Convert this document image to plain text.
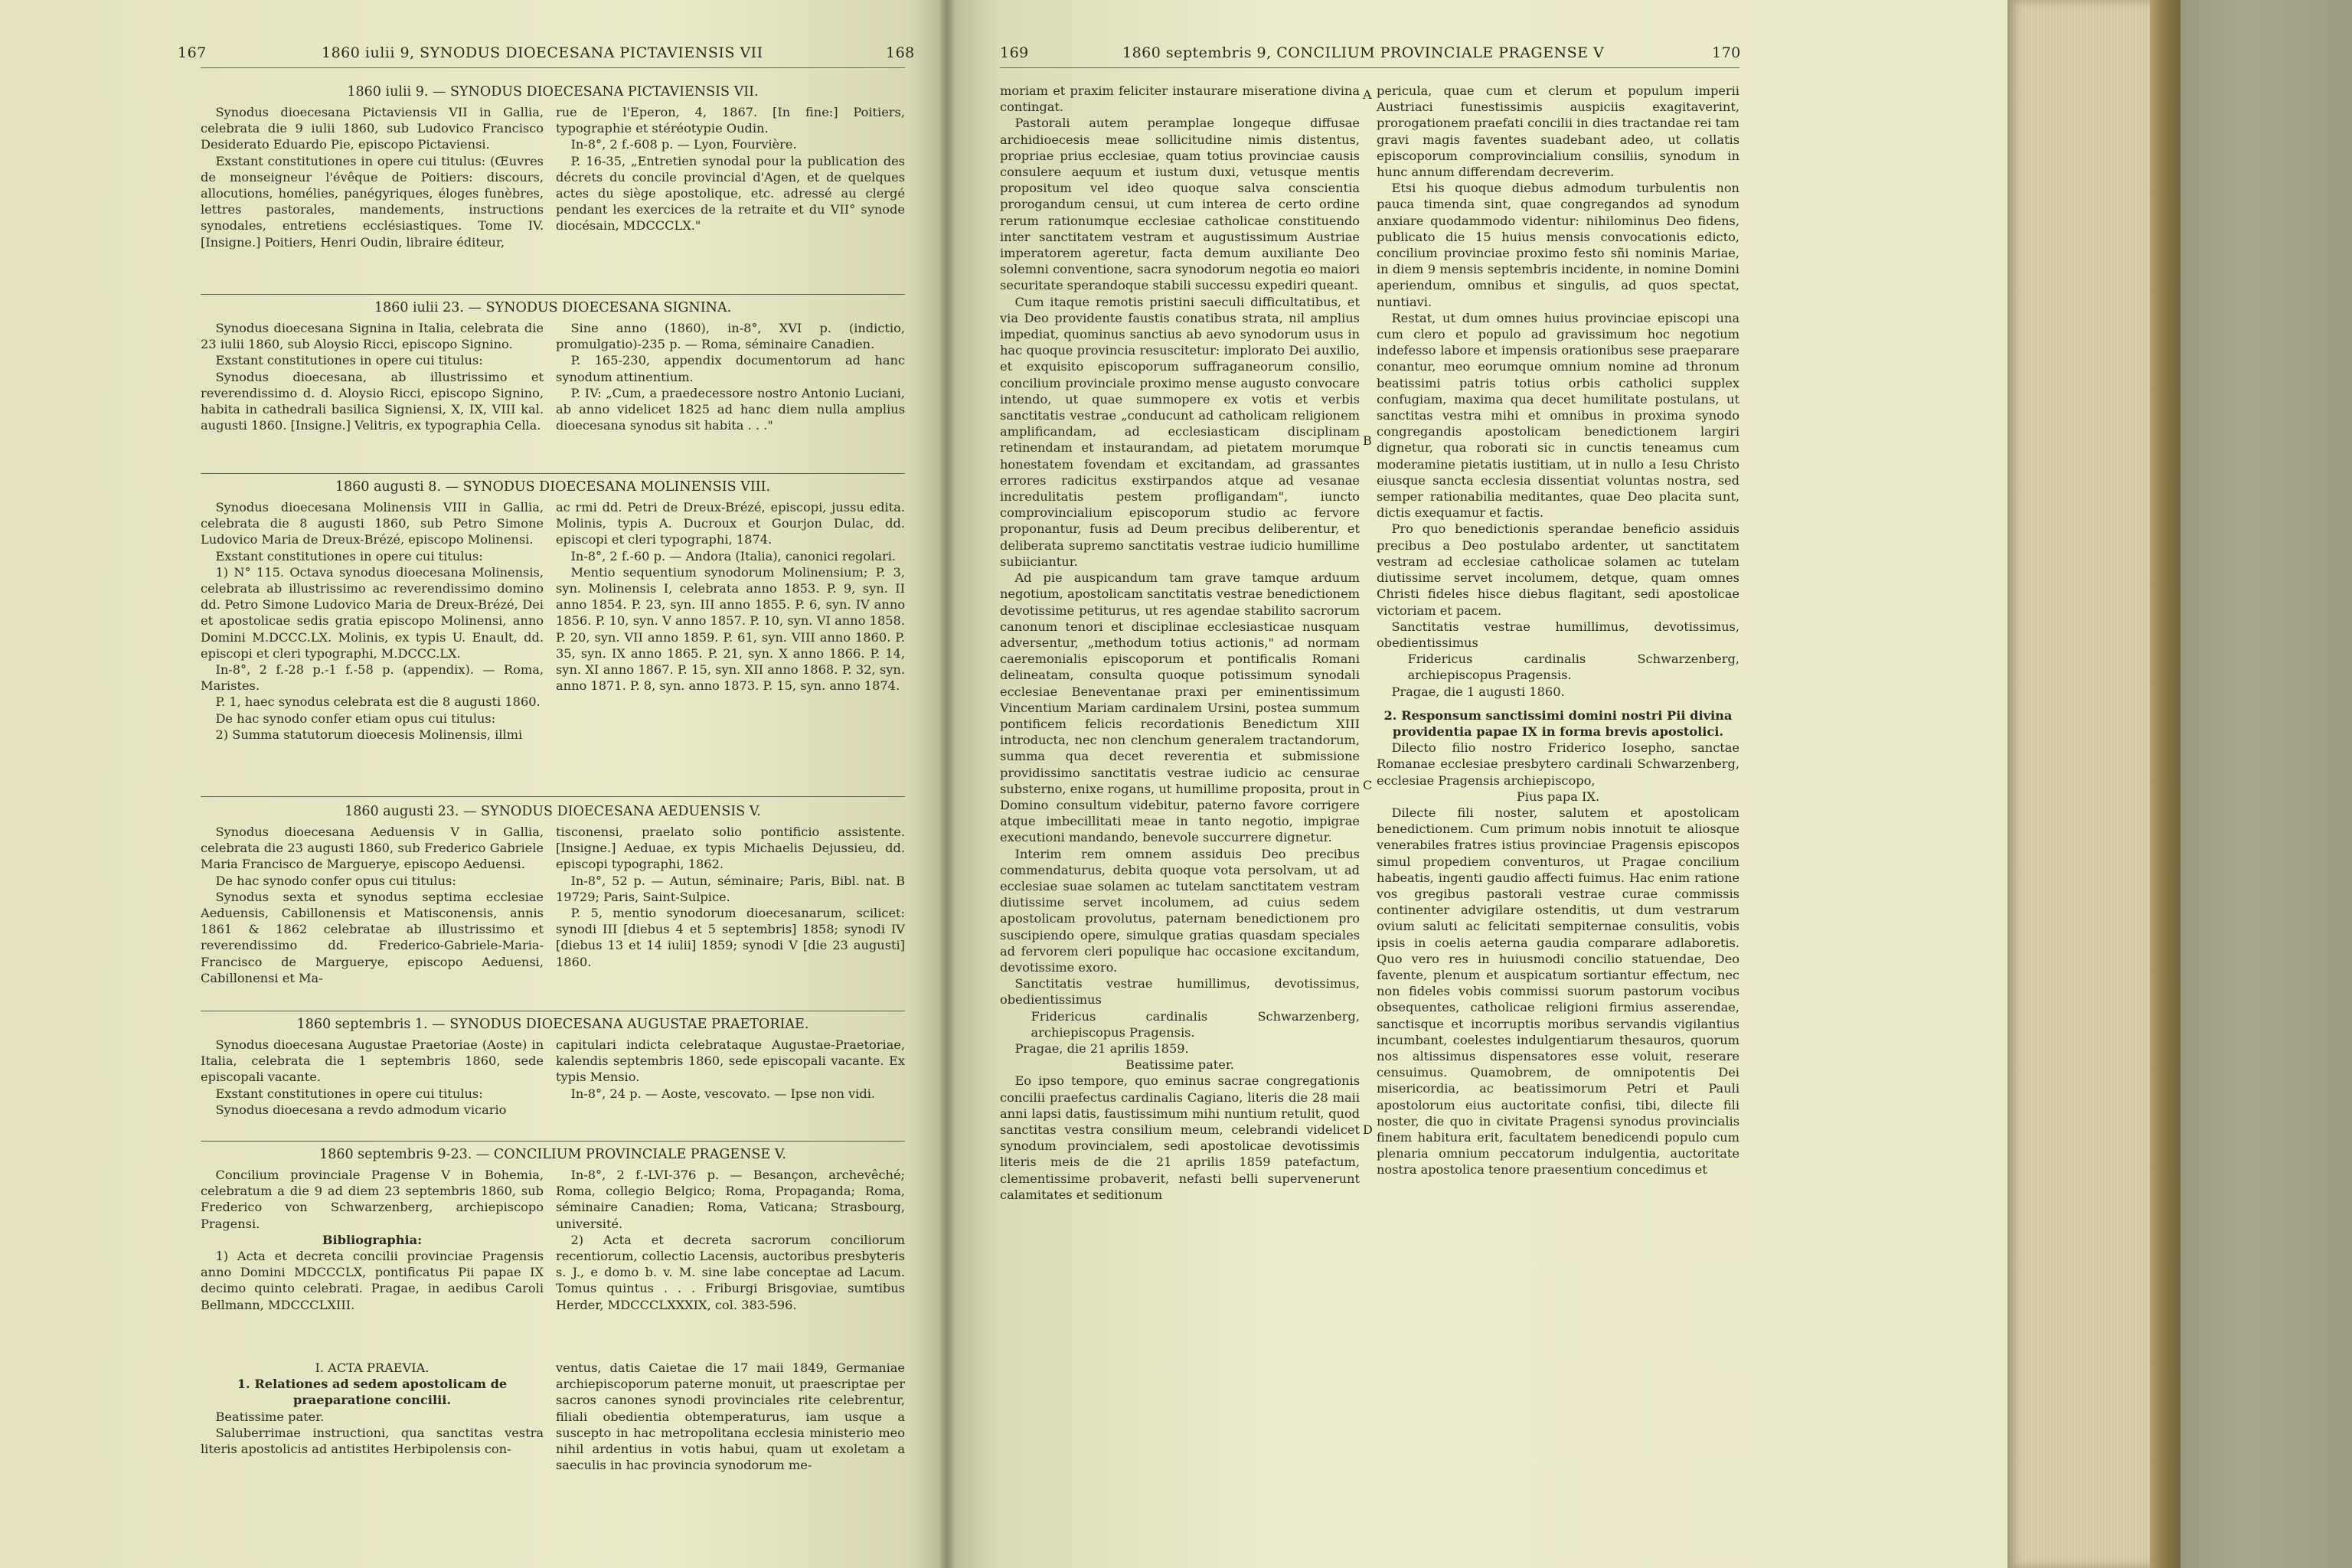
167	1860 iulii 9, SYNODUS DIOECESANA PICTAVIENSIS VII	168
1860 iulii 9. — SYNODUS DIOECESANA PICTAVIENSIS VII.

Synodus dioecesana Pictaviensis VII in Gallia, celebrata die 9 iulii 1860, sub Ludovico Francisco Desiderato Eduardo Pie, episcopo Pictaviensi.

Exstant constitutiones in opere cui titulus: (Œuvres de monseigneur l'évêque de Poitiers: discours, allocutions, homélies, panégyriques, éloges funèbres, lettres pastorales, mandements, instructions synodales, entretiens ecclésiastiques. Tome IV. [Insigne.] Poitiers, Henri Oudin, libraire éditeur,

rue de l'Eperon, 4, 1867. [In fine:] Poitiers, typographie et stéréotypie Oudin.

In-8°, 2 f.-608 p. — Lyon, Fourvière.

P. 16-35, „Entretien synodal pour la publication des décrets du concile provincial d'Agen, et de quelques actes du siège apostolique, etc. adressé au clergé pendant les exercices de la retraite et du VII° synode diocésain, MDCCCLX."

1860 iulii 23. — SYNODUS DIOECESANA SIGNINA.

Synodus dioecesana Signina in Italia, celebrata die 23 iulii 1860, sub Aloysio Ricci, episcopo Signino.

Exstant constitutiones in opere cui titulus:

Synodus dioecesana, ab illustrissimo et reverendissimo d. d. Aloysio Ricci, episcopo Signino, habita in cathedrali basilica Signiensi, X, IX, VIII kal. augusti 1860. [Insigne.] Velitris, ex typographia Cella.

Sine anno (1860), in-8°, XVI p. (indictio, promulgatio)-235 p. — Roma, séminaire Canadien.

P. 165-230, appendix documentorum ad hanc synodum attinentium.

P. IV: „Cum, a praedecessore nostro Antonio Luciani, ab anno videlicet 1825 ad hanc diem nulla amplius dioecesana synodus sit habita . . ."

1860 augusti 8. — SYNODUS DIOECESANA MOLINENSIS VIII.

Synodus dioecesana Molinensis VIII in Gallia, celebrata die 8 augusti 1860, sub Petro Simone Ludovico Maria de Dreux-Brézé, episcopo Molinensi.

Exstant constitutiones in opere cui titulus:

1) N° 115. Octava synodus dioecesana Molinensis, celebrata ab illustrissimo ac reverendissimo domino dd. Petro Simone Ludovico Maria de Dreux-Brézé, Dei et apostolicae sedis gratia episcopo Molinensi, anno Domini M.DCCC.LX. Molinis, ex typis U. Enault, dd. episcopi et cleri typographi, M.DCCC.LX.

In-8°, 2 f.-28 p.-1 f.-58 p. (appendix). — Roma, Maristes.

P. 1, haec synodus celebrata est die 8 augusti 1860.

De hac synodo confer etiam opus cui titulus:

2) Summa statutorum dioecesis Molinensis, illmi

ac rmi dd. Petri de Dreux-Brézé, episcopi, jussu edita. Molinis, typis A. Ducroux et Gourjon Dulac, dd. episcopi et cleri typographi, 1874.

In-8°, 2 f.-60 p. — Andora (Italia), canonici regolari.

Mentio sequentium synodorum Molinensium; P. 3, syn. Molinensis I, celebrata anno 1853. P. 9, syn. II anno 1854. P. 23, syn. III anno 1855. P. 6, syn. IV anno 1856. P. 10, syn. V anno 1857. P. 10, syn. VI anno 1858. P. 20, syn. VII anno 1859. P. 61, syn. VIII anno 1860. P. 35, syn. IX anno 1865. P. 21, syn. X anno 1866. P. 14, syn. XI anno 1867. P. 15, syn. XII anno 1868. P. 32, syn. anno 1871. P. 8, syn. anno 1873. P. 15, syn. anno 1874.

1860 augusti 23. — SYNODUS DIOECESANA AEDUENSIS V.

Synodus dioecesana Aeduensis V in Gallia, celebrata die 23 augusti 1860, sub Frederico Gabriele Maria Francisco de Margueryе, episcopo Aeduensi.

De hac synodo confer opus cui titulus:

Synodus sexta et synodus septima ecclesiae Aeduensis, Cabillonensis et Matisconensis, annis 1861 & 1862 celebratae ab illustrissimo et reverendissimo dd. Frederico-Gabriele-Maria-Francisco de Margueryе, episcopo Aeduensi, Cabillonensi et Ma-

tisconensi, praelato solio pontificio assistente. [Insigne.] Aeduae, ex typis Michaelis Dejussieu, dd. episcopi typographi, 1862.

In-8°, 52 p. — Autun, séminaire; Paris, Bibl. nat. B 19729; Paris, Saint-Sulpice.

P. 5, mentio synodorum dioecesanarum, scilicet: synodi III [diebus 4 et 5 septembris] 1858; synodi IV [diebus 13 et 14 iulii] 1859; synodi V [die 23 augusti] 1860.

1860 septembris 1. — SYNODUS DIOECESANA AUGUSTAE PRAETORIAE.

Synodus dioecesana Augustae Praetoriae (Aoste) in Italia, celebrata die 1 septembris 1860, sede episcopali vacante.

Exstant constitutiones in opere cui titulus:

Synodus dioecesana a revdo admodum vicario

capitulari indicta celebrataque Augustae-Praetoriae, kalendis septembris 1860, sede episcopali vacante. Ex typis Mensio.

In-8°, 24 p. — Aoste, vescovato. — Ipse non vidi.

1860 septembris 9-23. — CONCILIUM PROVINCIALE PRAGENSE V.

Concilium provinciale Pragense V in Bohemia, celebratum a die 9 ad diem 23 septembris 1860, sub Frederico von Schwarzenberg, archiepiscopo Pragensi.

Bibliographia:

1) Acta et decreta concilii provinciae Pragensis anno Domini MDCCCLX, pontificatus Pii papae IX decimo quinto celebrati. Pragae, in aedibus Caroli Bellmann, MDCCCLXIII.

In-8°, 2 f.-LVI-376 p. — Besançon, archevêché; Roma, collegio Belgico; Roma, Propaganda; Roma, séminaire Canadien; Roma, Vaticana; Strasbourg, université.

2) Acta et decreta sacrorum conciliorum recentiorum, collectio Lacensis, auctoribus presbyteris s. J., e domo b. v. M. sine labe conceptae ad Lacum. Tomus quintus . . . Friburgi Brisgoviae, sumtibus Herder, MDCCCLXXXIX, col. 383-596.

I. ACTA PRAEVIA.

1. Relationes ad sedem apostolicam de praeparatione concilii.

Beatissime pater.

Saluberrimae instructioni, qua sanctitas vestra literis apostolicis ad antistites Herbipolensis con-

ventus, datis Caietae die 17 maii 1849, Germaniae archiepiscoporum paterne monuit, ut praescriptae per sacros canones synodi provinciales rite celebrentur, filiali obedientia obtemperaturus, iam usque a suscepto in hac metropolitana ecclesia ministerio meo nihil ardentius in votis habui, quam ut exoletam a saeculis in hac provincia synodorum me-

169	1860 septembris 9, CONCILIUM PROVINCIALE PRAGENSE V	170

moriam et praxim feliciter instaurare miseratione divina contingat.

Pastorali autem peramplae longeque diffusae archidioecesis meae sollicitudine nimis distentus, propriae prius ecclesiae, quam totius provinciae causis consulere aequum et iustum duxi, vetusque mentis propositum vel ideo quoque salva conscientia prorogandum censui, ut cum interea de certo ordine rerum rationumque ecclesiae catholicae constituendo inter sanctitatem vestram et augustissimum Austriae imperatorem ageretur, facta demum auxiliante Deo solemni conventione, sacra synodorum negotia eo maiori securitate sperandoque stabili successu expediri queant.

Cum itaque remotis pristini saeculi difficultatibus, et via Deo providente faustis conatibus strata, nil amplius impediat, quominus sanctius ab aevo synodorum usus in hac quoque provincia resuscitetur: implorato Dei auxilio, et exquisito episcoporum suffraganeorum consilio, concilium provinciale proximo mense augusto convocare intendo, ut quae summopere ex votis et verbis sanctitatis vestrae „conducunt ad catholicam religionem amplificandam, ad ecclesiasticam disciplinam retinendam et instaurandam, ad pietatem morumque honestatem fovendam et excitandam, ad grassantes errores radicitus exstirpandos atque ad vesanae incredulitatis pestem profligandam", iuncto comprovincialium episcoporum studio ac fervore proponantur, fusis ad Deum precibus deliberentur, et deliberata supremo sanctitatis vestrae iudicio humillime subiiciantur.

Ad pie auspicandum tam grave tamque arduum negotium, apostolicam sanctitatis vestrae benedictionem devotissime petiturus, ut res agendae stabilito sacrorum canonum tenori et disciplinae ecclesiasticae nusquam adversentur, „methodum totius actionis," ad normam caeremonialis episcoporum et pontificalis Romani delineatam, consulta quoque potissimum synodali ecclesiae Beneventanae praxi per eminentissimum Vincentium Mariam cardinalem Ursini, postea summum pontificem felicis recordationis Benedictum XIII introducta, nec non clenchum generalem tractandorum, summa qua decet reverentia et submissione providissimo sanctitatis vestrae iudicio ac censurae substerno, enixe rogans, ut humillime proposita, prout in Domino consultum videbitur, paterno favore corrigere atque imbecillitati meae in tanto negotio, impigrae executioni mandando, benevole succurrere dignetur.

Interim rem omnem assiduis Deo precibus commendaturus, debita quoque vota persolvam, ut ad ecclesiae suae solamen ac tutelam sanctitatem vestram diutissime servet incolumem, ad cuius sedem apostolicam provolutus, paternam benedictionem pro suscipiendo opere, simulque gratias quasdam speciales ad fervorem cleri populique hac occasione excitandum, devotissime exoro.

Sanctitatis vestrae humillimus, devotissimus, obedientissimus

Fridericus cardinalis Schwarzenberg, archiepiscopus Pragensis.

Pragae, die 21 aprilis 1859.

Beatissime pater.

Eo ipso tempore, quo eminus sacrae congregationis concilii praefectus cardinalis Cagiano, literis die 28 maii anni lapsi datis, faustissimum mihi nuntium retulit, quod sanctitas vestra consilium meum, celebrandi videlicet synodum provincialem, sedi apostolicae devotissimis literis meis de die 21 aprilis 1859 patefactum, clementissime probaverit, nefasti belli supervenerunt calamitates et seditionum

A
B
C
D

pericula, quae cum et clerum et populum imperii Austriaci funestissimis auspiciis exagitaverint, prorogationem praefati concilii in dies tractandae rei tam gravi magis faventes suadebant adeo, ut collatis episcoporum comprovincialium consiliis, synodum in hunc annum differendam decreverim.

Etsi his quoque diebus admodum turbulentis non pauca timenda sint, quae congregandos ad synodum anxiare quodammodo videntur: nihilominus Deo fidens, publicato die 15 huius mensis convocationis edicto, concilium provinciae proximo festo sñi nominis Mariae, in diem 9 mensis septembris incidente, in nomine Domini aperiendum, omnibus et singulis, ad quos spectat, nuntiavi.

Restat, ut dum omnes huius provinciae episcopi una cum clero et populo ad gravissimum hoc negotium indefesso labore et impensis orationibus sese praeparare conantur, meo eorumque omnium nomine ad thronum beatissimi patris totius orbis catholici supplex confugiam, maxima qua decet humilitate postulans, ut sanctitas vestra mihi et omnibus in proxima synodo congregandis apostolicam benedictionem largiri dignetur, qua roborati sic in cunctis teneamus cum moderamine pietatis iustitiam, ut in nullo a Iesu Christo eiusque sancta ecclesia dissentiat voluntas nostra, sed semper rationabilia meditantes, quae Deo placita sunt, dictis exequamur et factis.

Pro quo benedictionis sperandae beneficio assiduis precibus a Deo postulabo ardenter, ut sanctitatem vestram ad ecclesiae catholicae solamen ac tutelam diutissime servet incolumem, detque, quam omnes Christi fideles hisce diebus flagitant, sedi apostolicae victoriam et pacem.

Sanctitatis vestrae humillimus, devotissimus, obedientissimus

Fridericus cardinalis Schwarzenberg, archiepiscopus Pragensis.

Pragae, die 1 augusti 1860.

2. Responsum sanctissimi domini nostri Pii divina providentia papae IX in forma brevis apostolici.

Dilecto filio nostro Friderico Iosepho, sanctae Romanae ecclesiae presbytero cardinali Schwarzenberg, ecclesiae Pragensis archiepiscopo,

Pius papa IX.

Dilecte fili noster, salutem et apostolicam benedictionem. Cum primum nobis innotuit te aliosque venerabiles fratres istius provinciae Pragensis episcopos simul propediem conventuros, ut Pragae concilium habeatis, ingenti gaudio affecti fuimus. Hac enim ratione vos gregibus pastorali vestrae curae commissis continenter advigilare ostenditis, ut dum vestrarum ovium saluti ac felicitati sempiternae consulitis, vobis ipsis in coelis aeterna gaudia comparare adlaboretis. Quo vero res in huiusmodi concilio statuendae, Deo favente, plenum et auspicatum sortiantur effectum, nec non fideles vobis commissi suorum pastorum vocibus obsequentes, catholicae religioni firmius asserendae, sanctisque et incorruptis moribus servandis vigilantius incumbant, coelestes indulgentiarum thesauros, quorum nos altissimus dispensatores esse voluit, reserare censuimus. Quamobrem, de omnipotentis Dei misericordia, ac beatissimorum Petri et Pauli apostolorum eius auctoritate confisi, tibi, dilecte fili noster, die quo in civitate Pragensi synodus provincialis finem habitura erit, facultatem benedicendi populo cum plenaria omnium peccatorum indulgentia, auctoritate nostra apostolica tenore praesentium concedimus et
